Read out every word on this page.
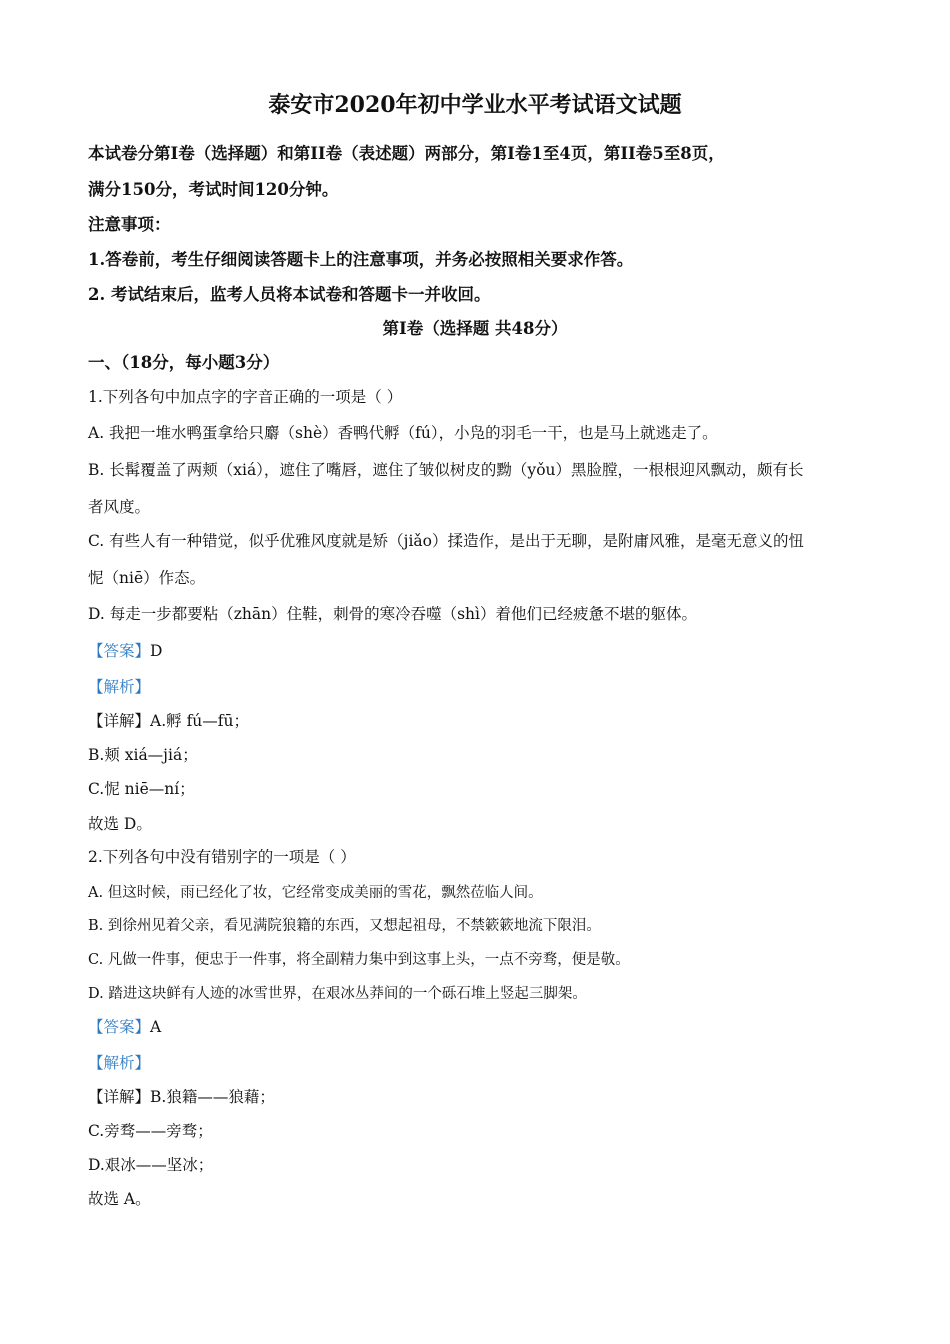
泰安市2020年初中学业水平考试语文试题
本试卷分第I卷（选择题）和第II卷（表述题）两部分，第I卷1至4页，第II卷5至8页，
满分150分，考试时间120分钟。
注意事项：
1.答卷前，考生仔细阅读答题卡上的注意事项，并务必按照相关要求作答。
2. 考试结束后，监考人员将本试卷和答题卡一并收回。
第I卷（选择题 共48分）
一、（18分，每小题3分）
1.下列各句中加点字的字音正确的一项是（ ）
A. 我把一堆水鸭蛋拿给只麝（shè）香鸭代孵（fú），小凫的羽毛一干，也是马上就逃走了。
B. 长髯覆盖了两颊（xiá），遮住了嘴唇，遮住了皱似树皮的黝（yǒu）黑脸膛，一根根迎风飘动，颇有长
者风度。
C. 有些人有一种错觉，似乎优雅风度就是矫（jiǎo）揉造作，是出于无聊，是附庸风雅，是毫无意义的忸
怩（niē）作态。
D. 每走一步都要粘（zhān）住鞋，刺骨的寒冷吞噬（shì）着他们已经疲惫不堪的躯体。
【答案】D
【解析】
【详解】A.孵 fú—fū；
B.颊 xiá—jiá；
C.怩 niē—ní；
故选 D。
2.下列各句中没有错别字的一项是（ ）
A. 但这时候，雨已经化了妆，它经常变成美丽的雪花，飘然莅临人间。
B. 到徐州见着父亲，看见满院狼籍的东西，又想起祖母，不禁簌簌地流下限泪。
C. 凡做一件事，便忠于一件事，将全副精力集中到这事上头，一点不旁骛，便是敬。
D. 踏进这块鲜有人迹的冰雪世界，在艰冰丛莽间的一个砾石堆上竖起三脚架。
【答案】A
【解析】
【详解】B.狼籍——狼藉；
C.旁骛——旁骛；
D.艰冰——坚冰；
故选 A。
